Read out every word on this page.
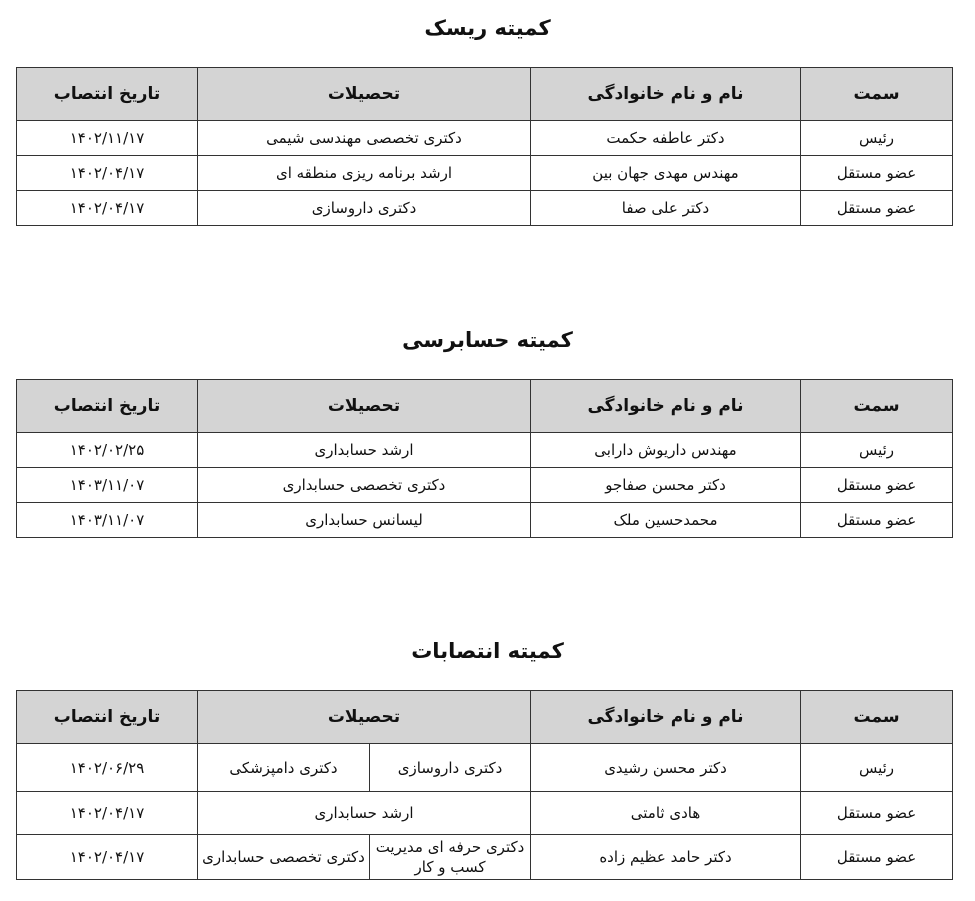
کمیته ریسک
سمت	نام و نام خانوادگی	تحصیلات	تاریخ انتصاب
رئیس	دکتر عاطفه حکمت	دکتری تخصصی مهندسی شیمی	۱۴۰۲/۱۱/۱۷
عضو مستقل	مهندس مهدی جهان بین	ارشد برنامه ریزی منطقه ای	۱۴۰۲/۰۴/۱۷
عضو مستقل	دکتر علی صفا	دکتری داروسازی	۱۴۰۲/۰۴/۱۷
کمیته حسابرسی
سمت	نام و نام خانوادگی	تحصیلات	تاریخ انتصاب
رئیس	مهندس داریوش دارابی	ارشد حسابداری	۱۴۰۲/۰۲/۲۵
عضو مستقل	دکتر محسن صفاجو	دکتری تخصصی حسابداری	۱۴۰۳/۱۱/۰۷
عضو مستقل	محمدحسین ملک	لیسانس حسابداری	۱۴۰۳/۱۱/۰۷
کمیته انتصابات
سمت	نام و نام خانوادگی	تحصیلات		تاریخ انتصاب
رئیس	دکتر محسن رشیدی	دکتری داروسازی	دکتری دامپزشکی	۱۴۰۲/۰۶/۲۹
عضو مستقل	هادی ثامتی	ارشد حسابداری		۱۴۰۲/۰۴/۱۷
عضو مستقل	دکتر حامد عظیم زاده	دکتری حرفه ای مدیریت کسب و کار	دکتری تخصصی حسابداری	۱۴۰۲/۰۴/۱۷
